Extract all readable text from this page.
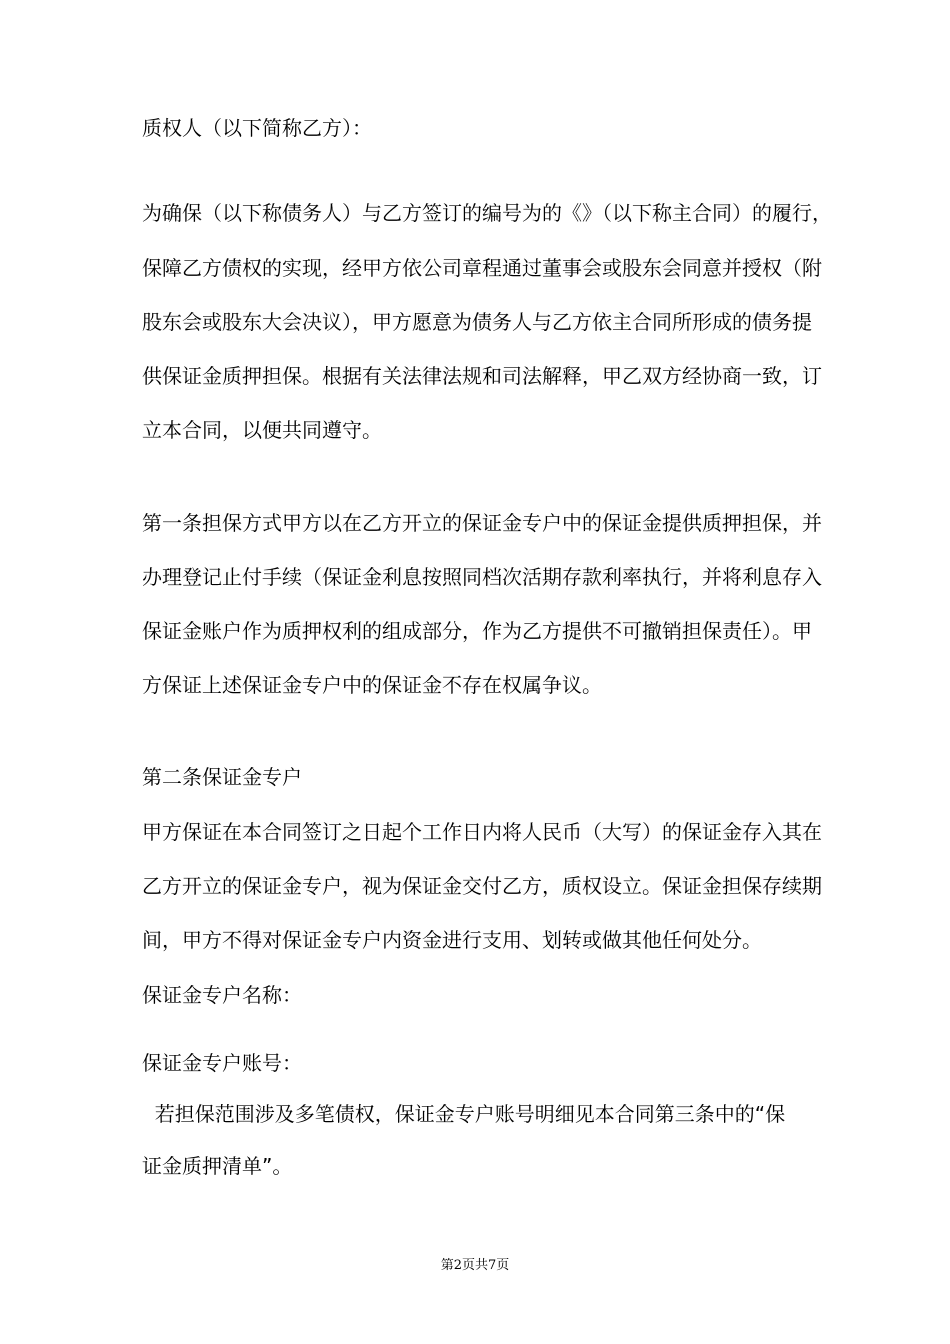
质权人（以下简称乙方）：
为确保（以下称债务人）与乙方签订的编号为的《》（以下称主合同）的履行，
保障乙方债权的实现，经甲方依公司章程通过董事会或股东会同意并授权（附
股东会或股东大会决议），甲方愿意为债务人与乙方依主合同所形成的债务提
供保证金质押担保。根据有关法律法规和司法解释，甲乙双方经协商一致，订
立本合同，以便共同遵守。
第一条担保方式甲方以在乙方开立的保证金专户中的保证金提供质押担保，并
办理登记止付手续（保证金利息按照同档次活期存款利率执行，并将利息存入
保证金账户作为质押权利的组成部分，作为乙方提供不可撤销担保责任）。甲
方保证上述保证金专户中的保证金不存在权属争议。
第二条保证金专户
甲方保证在本合同签订之日起个工作日内将人民币（大写）的保证金存入其在
乙方开立的保证金专户，视为保证金交付乙方，质权设立。保证金担保存续期
间，甲方不得对保证金专户内资金进行支用、划转或做其他任何处分。
保证金专户名称：
保证金专户账号：
若担保范围涉及多笔债权，保证金专户账号明细见本合同第三条中的“保
证金质押清单”。
第2页共7页
